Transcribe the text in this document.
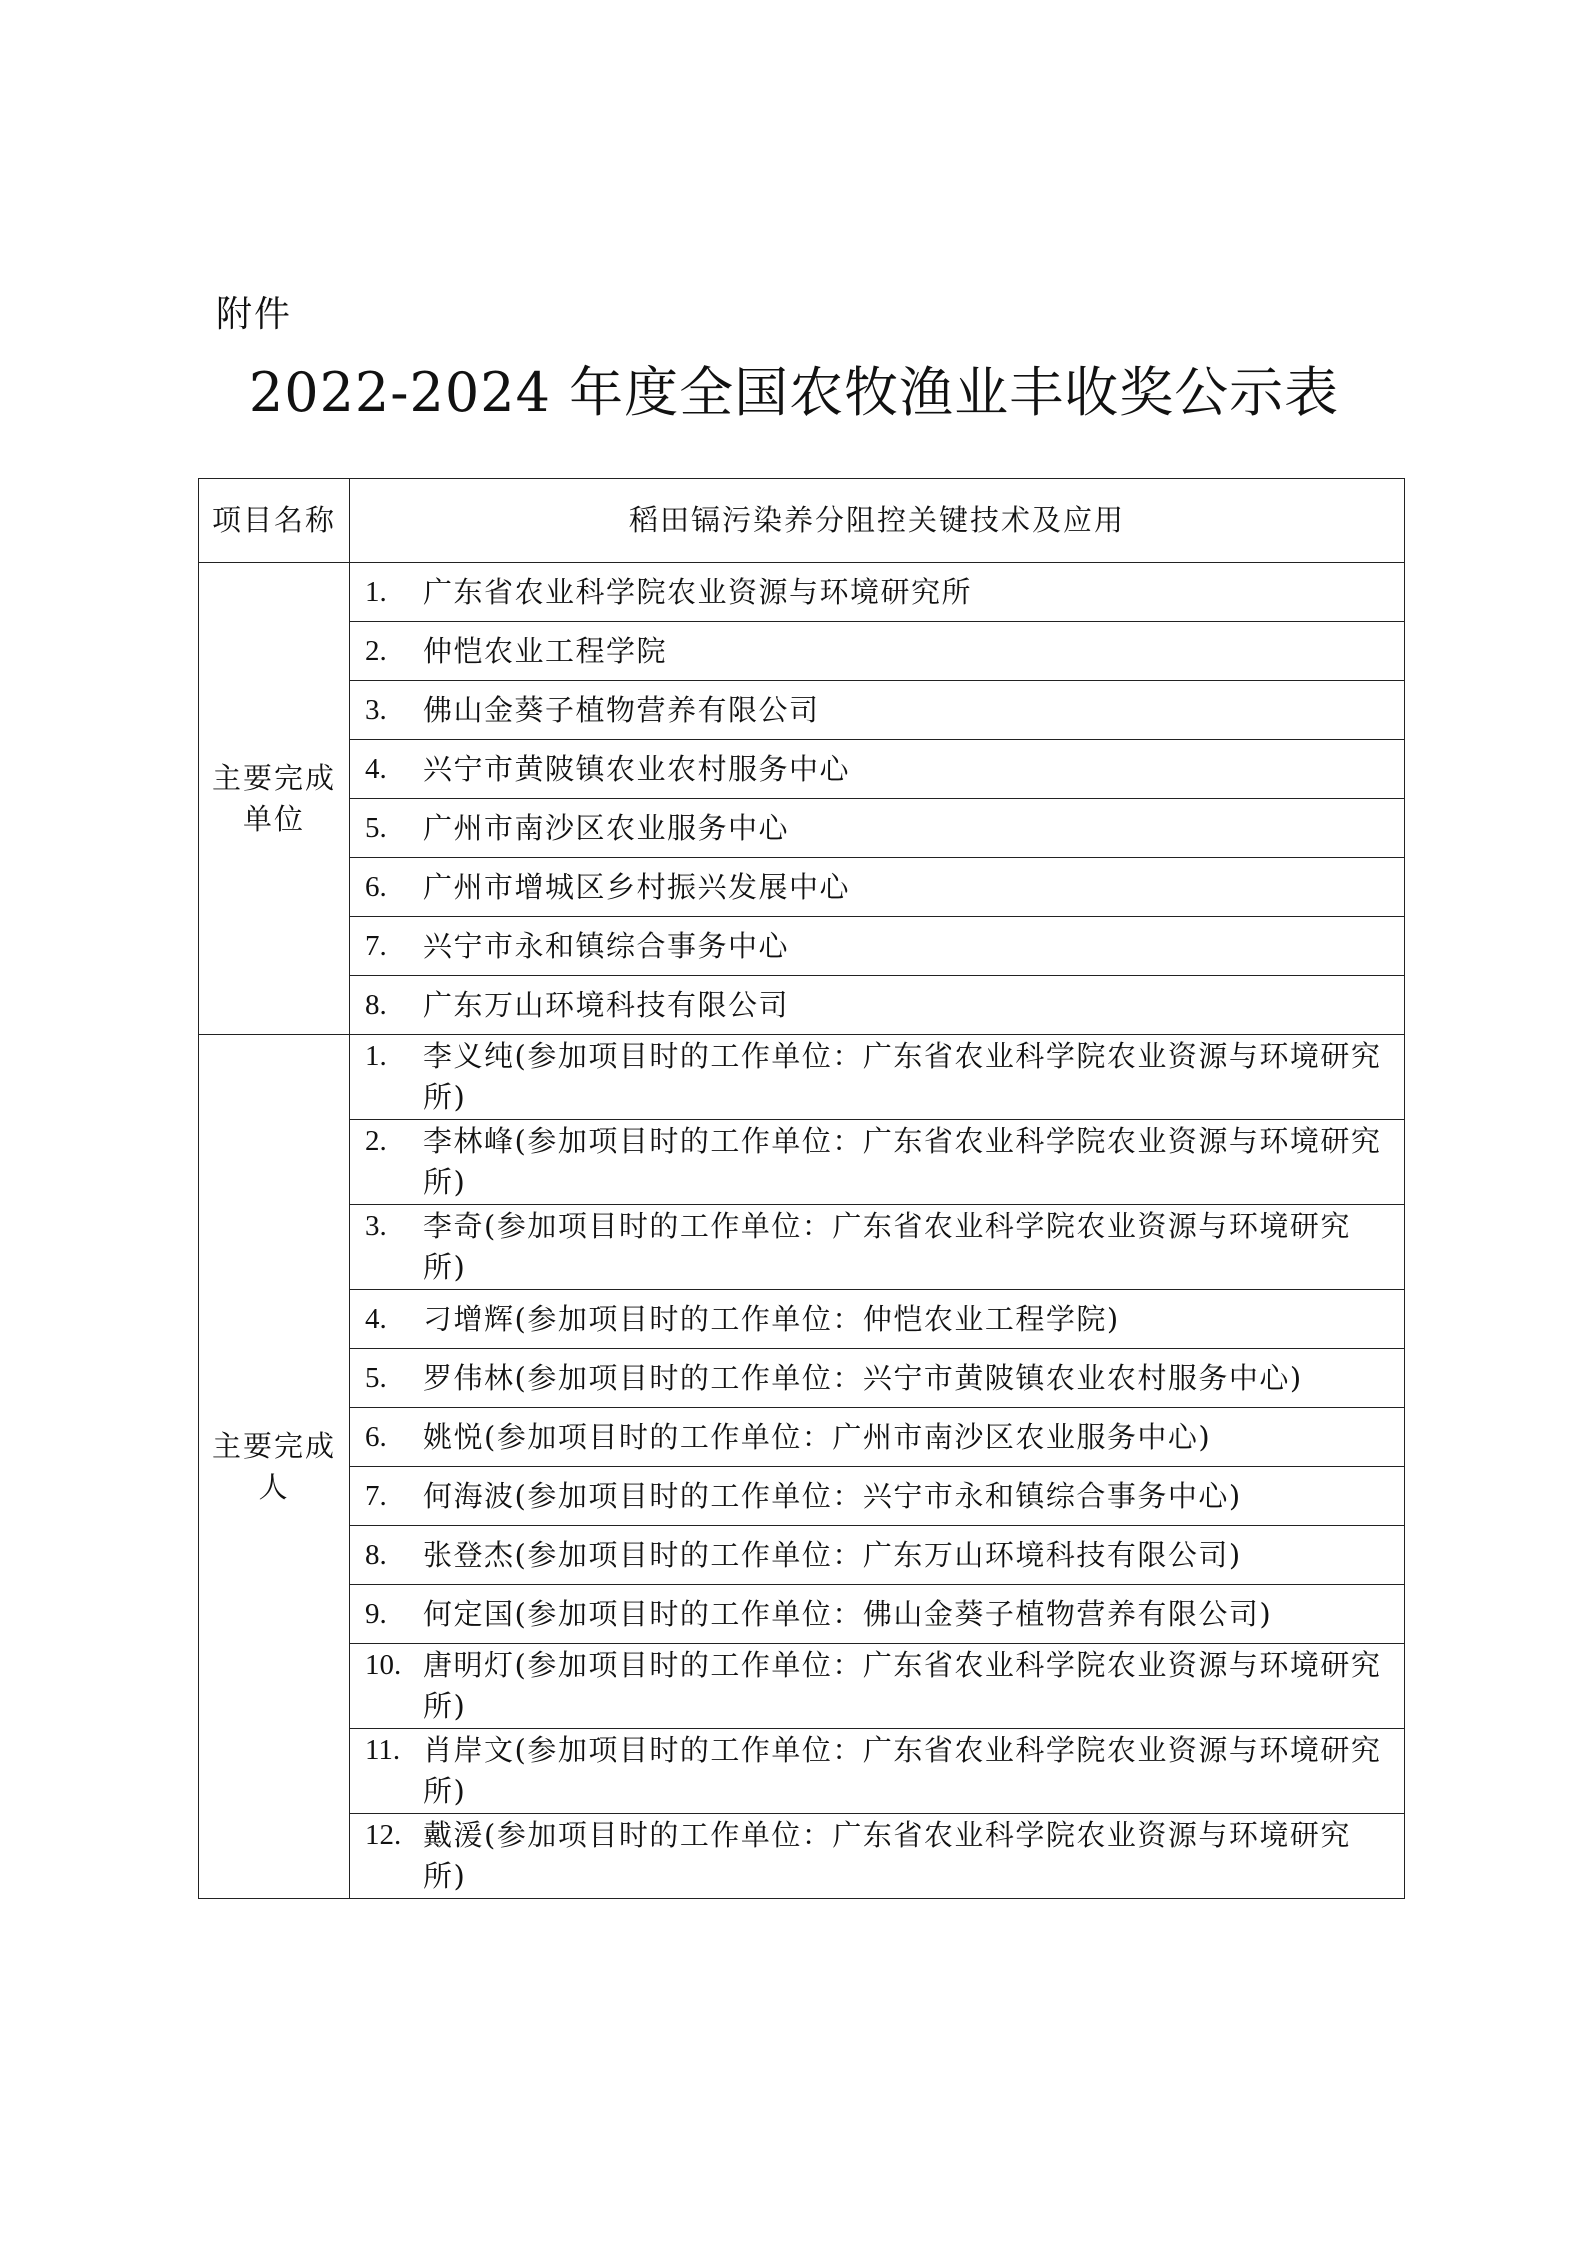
附件
2022-2024 年度全国农牧渔业丰收奖公示表
项目名称	稻田镉污染养分阻控关键技术及应用
主要完成单位	1. 广东省农业科学院农业资源与环境研究所

	2. 仲恺农业工程学院

	3. 佛山金葵子植物营养有限公司

	4. 兴宁市黄陂镇农业农村服务中心

	5. 广州市南沙区农业服务中心

	6. 广州市增城区乡村振兴发展中心

	7. 兴宁市永和镇综合事务中心

	8. 广东万山环境科技有限公司

主要完成人	1. 李义纯(参加项目时的工作单位：广东省农业科学院农业资源与环境研究所)

	2. 李林峰(参加项目时的工作单位：广东省农业科学院农业资源与环境研究所)

	3. 李奇(参加项目时的工作单位：广东省农业科学院农业资源与环境研究所)

	4. 刁增辉(参加项目时的工作单位：仲恺农业工程学院)

	5. 罗伟林(参加项目时的工作单位：兴宁市黄陂镇农业农村服务中心)

	6. 姚悦(参加项目时的工作单位：广州市南沙区农业服务中心)

	7. 何海波(参加项目时的工作单位：兴宁市永和镇综合事务中心)

	8. 张登杰(参加项目时的工作单位：广东万山环境科技有限公司)

	9. 何定国(参加项目时的工作单位：佛山金葵子植物营养有限公司)

	10. 唐明灯(参加项目时的工作单位：广东省农业科学院农业资源与环境研究所)

	11. 肖岸文(参加项目时的工作单位：广东省农业科学院农业资源与环境研究所)

	12. 戴湲(参加项目时的工作单位：广东省农业科学院农业资源与环境研究所)
